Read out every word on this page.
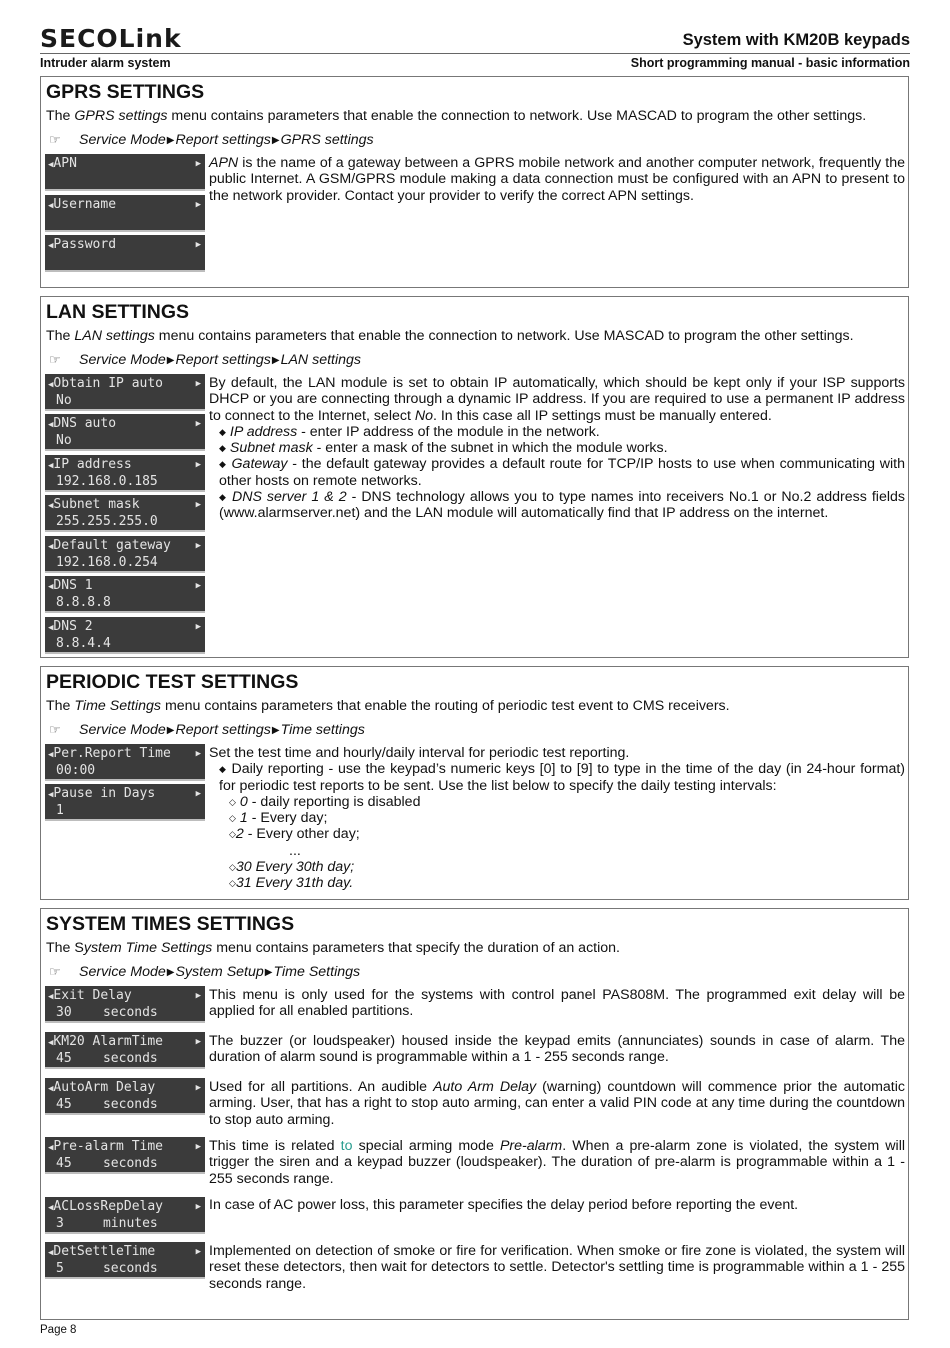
SECOLink
Intruder alarm system
System with KM20B keypads
Short programming manual - basic information
GPRS SETTINGS
The GPRS settings menu contains parameters that enable the connection to network. Use MASCAD to program the other settings.
☞	Service Mode ▶ Report settings ▶ GPRS settings
◀APN	▶
◀Username	▶
◀Password	▶

APN is the name of a gateway between a GPRS mobile network and another computer network, frequently the public Internet. A GSM/GPRS module making a data connection must be configured with an APN to present to the network provider. Contact your provider to verify the correct APN settings.

LAN SETTINGS
The LAN settings menu contains parameters that enable the connection to network. Use MASCAD to program the other settings.
☞	Service Mode ▶ Report settings ▶ LAN settings
◀Obtain IP auto	▶
No
◀DNS auto	▶
No
◀IP address	▶
192.168.0.185
◀Subnet mask	▶
255.255.255.0
◀Default gateway	▶
192.168.0.254
◀DNS 1	▶
8.8.8.8
◀DNS 2	▶
8.8.4.4

By default, the LAN module is set to obtain IP automatically, which should be kept only if your ISP supports DHCP or you are connecting through a dynamic IP address. If you are required to use a permanent IP address to connect to the Internet, select No. In this case all IP settings must be manually entered.

◆ IP address - enter IP address of the module in the network.

◆ Subnet mask - enter a mask of the subnet in which the module works.

◆ Gateway - the default gateway provides a default route for TCP/IP hosts to use when communicating with other hosts on remote networks.

◆ DNS server 1 & 2 - DNS technology allows you to type names into receivers No.1 or No.2 address fields (www.alarmserver.net) and the LAN module will automatically find that IP address on the internet.

PERIODIC TEST SETTINGS
The Time Settings menu contains parameters that enable the routing of periodic test event to CMS receivers.
☞	Service Mode ▶ Report settings ▶ Time settings
◀Per.Report Time	▶
00:00
◀Pause in Days	▶
1

Set the test time and hourly/daily interval for periodic test reporting.

◆ Daily reporting - use the keypad’s numeric keys [0] to [9] to type in the time of the day (in 24-hour format) for periodic test reports to be sent. Use the list below to specify the daily testing intervals:

◇ 0 - daily reporting is disabled

◇ 1 - Every day;

◇2 - Every other day;

...

◇30 Every 30th day;

◇31 Every 31th day.

SYSTEM TIMES SETTINGS
The System Time Settings menu contains parameters that specify the duration of an action.
☞	Service Mode ▶ System Setup ▶ Time Settings
◀Exit Delay	▶
30    seconds

This menu is only used for the systems with control panel PAS808M. The programmed exit delay will be applied for all enabled partitions.

◀KM20 AlarmTime	▶
45    seconds

The buzzer (or loudspeaker) housed inside the keypad emits (annunciates) sounds in case of alarm. The duration of alarm sound is programmable within a 1 - 255 seconds range.

◀AutoArm Delay	▶
45    seconds

Used for all partitions. An audible Auto Arm Delay (warning) countdown will commence prior the automatic arming. User, that has a right to stop auto arming, can enter a valid PIN code at any time during the countdown to stop auto arming.

◀Pre-alarm Time	▶
45    seconds

This time is related to special arming mode Pre-alarm. When a pre-alarm zone is violated, the system will trigger the siren and a keypad buzzer (loudspeaker). The duration of pre-alarm is programmable within a 1 - 255 seconds range.

◀ACLossRepDelay	▶
3     minutes

In case of AC power loss, this parameter specifies the delay period before reporting the event.

◀DetSettleTime	▶
5     seconds

Implemented on detection of smoke or fire for verification. When smoke or fire zone is violated, the system will reset these detectors, then wait for detectors to settle. Detector's settling time is programmable within a 1 - 255 seconds range.

Page 8
